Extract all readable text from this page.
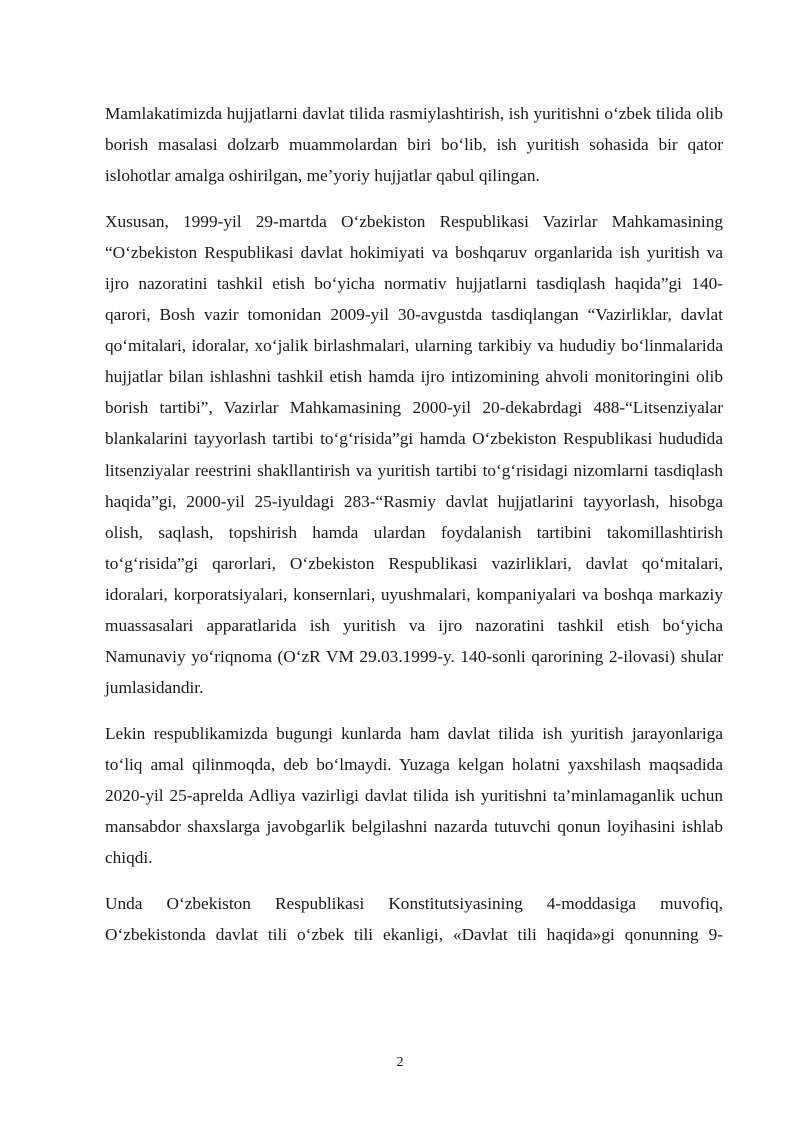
Mamlakatimizda hujjatlarni davlat tilida rasmiylashtirish, ish yuritishni o‘zbek tilida olib borish masalasi dolzarb muammolardan biri bo‘lib, ish yuritish sohasida bir qator islohotlar amalga oshirilgan, me’yoriy hujjatlar qabul qilingan.

Xususan, 1999-yil 29-martda O‘zbekiston Respublikasi Vazirlar Mahkamasining “O‘zbekiston Respublikasi davlat hokimiyati va boshqaruv organlarida ish yuritish va ijro nazoratini tashkil etish bo‘yicha normativ hujjatlarni tasdiqlash haqida”gi 140-qarori, Bosh vazir tomonidan 2009-yil 30-avgustda tasdiqlangan “Vazirliklar, davlat qo‘mitalari, idoralar, xo‘jalik birlashmalari, ularning tarkibiy va hududiy bo‘linmalarida hujjatlar bilan ishlashni tashkil etish hamda ijro intizomining ahvoli monitoringini olib borish tartibi”, Vazirlar Mahkamasining 2000-yil 20-dekabrdagi 488-“Litsenziyalar blankalarini tayyorlash tartibi to‘g‘risida”gi hamda O‘zbekiston Respublikasi hududida litsenziyalar reestrini shakllantirish va yuritish tartibi to‘g‘risidagi nizomlarni tasdiqlash haqida”gi, 2000-yil 25-iyuldagi 283-“Rasmiy davlat hujjatlarini tayyorlash, hisobga olish, saqlash, topshirish hamda ulardan foydalanish tartibini takomillashtirish to‘g‘risida”gi qarorlari, O‘zbekiston Respublikasi vazirliklari, davlat qo‘mitalari, idoralari, korporatsiyalari, konsernlari, uyushmalari, kompaniyalari va boshqa markaziy muassasalari apparatlarida ish yuritish va ijro nazoratini tashkil etish bo‘yicha Namunaviy yo‘riqnoma (O‘zR VM 29.03.1999-y. 140-sonli qarorining 2-ilovasi) shular jumlasidandir.

Lekin respublikamizda bugungi kunlarda ham davlat tilida ish yuritish jarayonlariga to‘liq amal qilinmoqda, deb bo‘lmaydi. Yuzaga kelgan holatni yaxshilash maqsadida 2020-yil 25-aprelda Adliya vazirligi davlat tilida ish yuritishni ta’minlamaganlik uchun mansabdor shaxslarga javobgarlik belgilashni nazarda tutuvchi qonun loyihasini ishlab chiqdi.

Unda O‘zbekiston Respublikasi Konstitutsiyasining 4-moddasiga muvofiq, O‘zbekistonda davlat tili o‘zbek tili ekanligi, «Davlat tili haqida»gi qonunning 9-

2
